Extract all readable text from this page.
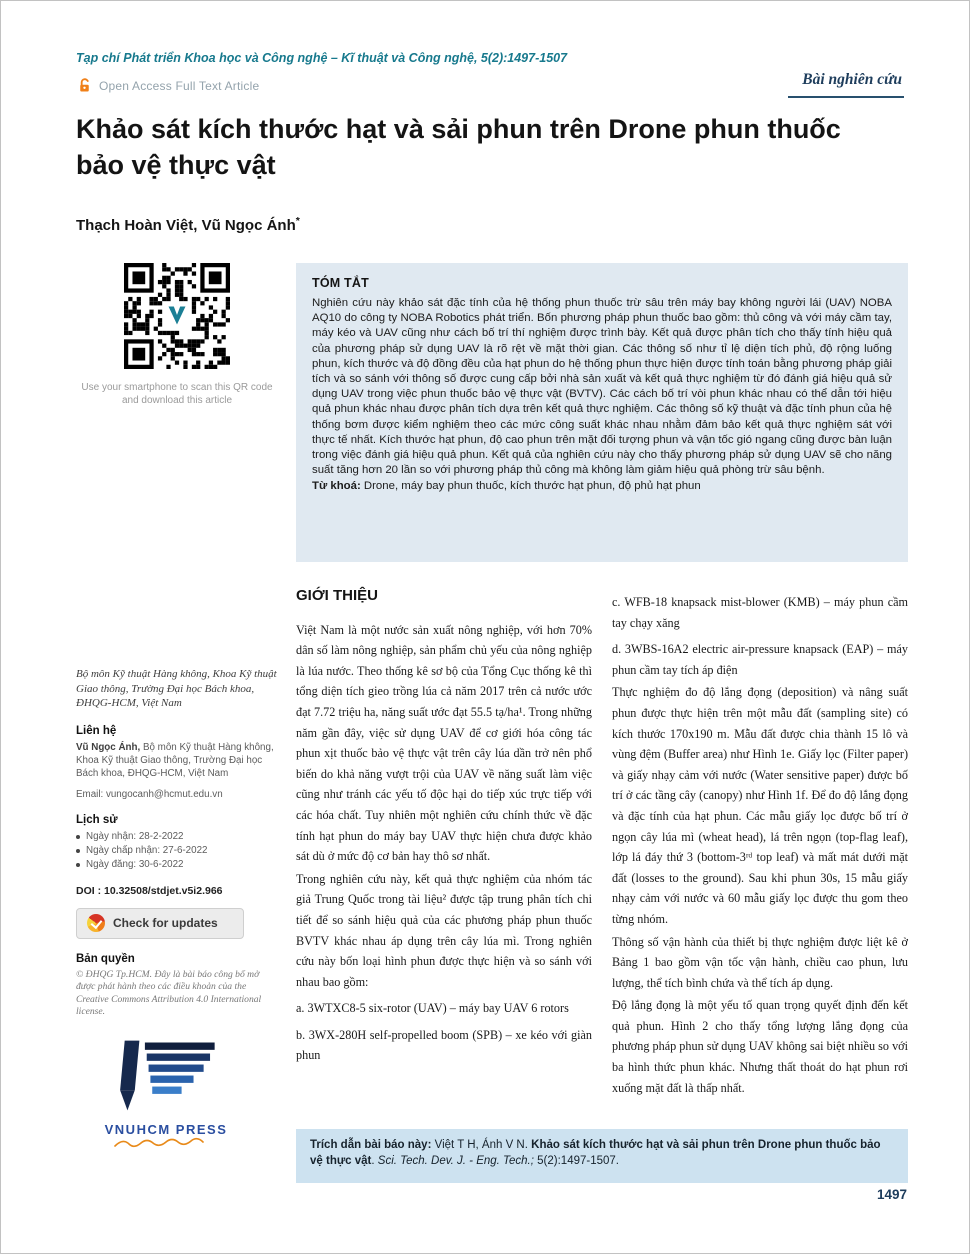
Tạp chí Phát triển Khoa học và Công nghệ – Kĩ thuật và Công nghệ, 5(2):1497-1507
Open Access Full Text Article	Bài nghiên cứu
Khảo sát kích thước hạt và sải phun trên Drone phun thuốc bảo vệ thực vật
Thạch Hoàn Việt, Vũ Ngọc Ánh*
Use your smartphone to scan this QR code and download this article
TÓM TẮT

Nghiên cứu này khảo sát đặc tính của hệ thống phun thuốc trừ sâu trên máy bay không người lái (UAV) NOBA AQ10 do công ty NOBA Robotics phát triển. Bốn phương pháp phun thuốc bao gồm: thủ công và với máy cầm tay, máy kéo và UAV cũng như cách bố trí thí nghiệm được trình bày. Kết quả được phân tích cho thấy tính hiệu quả của phương pháp sử dụng UAV là rõ rệt về mặt thời gian. Các thông số như tỉ lệ diện tích phủ, độ rộng luống phun, kích thước và độ đồng đều của hạt phun do hệ thống phun thực hiện được tính toán bằng phương pháp giải tích và so sánh với thông số được cung cấp bởi nhà sản xuất và kết quả thực nghiệm từ đó đánh giá hiệu quả sử dụng UAV trong việc phun thuốc bảo vệ thực vật (BVTV). Các cách bố trí vòi phun khác nhau có thể dẫn tới hiệu quả phun khác nhau được phân tích dựa trên kết quả thực nghiệm. Các thông số kỹ thuật và đặc tính phun của hệ thống bơm được kiểm nghiệm theo các mức công suất khác nhau nhằm đảm bảo kết quả thực nghiệm sát với thực tế nhất. Kích thước hạt phun, độ cao phun trên mặt đối tượng phun và vận tốc gió ngang cũng được bàn luận trong việc đánh giá hiệu quả phun. Kết quả của nghiên cứu này cho thấy phương pháp sử dụng UAV sẽ cho năng suất tăng hơn 20 lần so với phương pháp thủ công mà không làm giảm hiệu quả phòng trừ sâu bệnh.

Từ khoá: Drone, máy bay phun thuốc, kích thước hạt phun, độ phủ hạt phun

Bộ môn Kỹ thuật Hàng không, Khoa Kỹ thuật Giao thông, Trường Đại học Bách khoa, ĐHQG-HCM, Việt Nam
Liên hệ
Vũ Ngọc Ánh, Bộ môn Kỹ thuật Hàng không, Khoa Kỹ thuật Giao thông, Trường Đại học Bách khoa, ĐHQG-HCM, Việt Nam
Email: vungocanh@hcmut.edu.vn
Lịch sử
Ngày nhận: 28-2-2022
Ngày chấp nhận: 27-6-2022
Ngày đăng: 30-6-2022
DOI : 10.32508/stdjet.v5i2.966
Check for updates
Bản quyền
© ĐHQG Tp.HCM. Đây là bài báo công bố mở được phát hành theo các điều khoản của the Creative Commons Attribution 4.0 International license.
VNUHCM PRESS
GIỚI THIỆU

Việt Nam là một nước sản xuất nông nghiệp, với hơn 70% dân số làm nông nghiệp, sản phẩm chủ yếu của nông nghiệp là lúa nước. Theo thống kê sơ bộ của Tổng Cục thống kê thì tổng diện tích gieo trồng lúa cả năm 2017 trên cả nước ước đạt 7.72 triệu ha, năng suất ước đạt 55.5 tạ/ha¹. Trong những năm gần đây, việc sử dụng UAV để cơ giới hóa công tác phun xịt thuốc bảo vệ thực vật trên cây lúa dần trở nên phổ biến do khả năng vượt trội của UAV về năng suất làm việc cũng như tránh các yếu tố độc hại do tiếp xúc trực tiếp với các hóa chất. Tuy nhiên một nghiên cứu chính thức về đặc tính hạt phun do máy bay UAV thực hiện chưa được khảo sát dù ở mức độ cơ bản hay thô sơ nhất.

Trong nghiên cứu này, kết quả thực nghiệm của nhóm tác giả Trung Quốc trong tài liệu² được tập trung phân tích chi tiết để so sánh hiệu quả của các phương pháp phun thuốc BVTV khác nhau áp dụng trên cây lúa mì. Trong nghiên cứu này bốn loại hình phun được thực hiện và so sánh với nhau bao gồm:

a. 3WTXC8-5 six-rotor (UAV) – máy bay UAV 6 rotors

b. 3WX-280H self-propelled boom (SPB) – xe kéo với giàn phun

c. WFB-18 knapsack mist-blower (KMB) – máy phun cầm tay chạy xăng

d. 3WBS-16A2 electric air-pressure knapsack (EAP) – máy phun cầm tay tích áp điện

Thực nghiệm đo độ lắng đọng (deposition) và nâng suất phun được thực hiện trên một mẫu đất (sampling site) có kích thước 170x190 m. Mẫu đất được chia thành 15 lô và vùng đệm (Buffer area) như Hình 1e. Giấy lọc (Filter paper) và giấy nhạy cảm với nước (Water sensitive paper) được bố trí ở các tầng cây (canopy) như Hình 1f. Để đo độ lắng đọng và đặc tính của hạt phun. Các mẫu giấy lọc được bố trí ở ngọn cây lúa mì (wheat head), lá trên ngọn (top-flag leaf), lớp lá đáy thứ 3 (bottom-3ʳᵈ top leaf) và mất mát dưới mặt đất (losses to the ground). Sau khi phun 30s, 15 mẫu giấy nhạy cảm với nước và 60 mẫu giấy lọc được thu gom theo từng nhóm.

Thông số vận hành của thiết bị thực nghiệm được liệt kê ở Bảng 1 bao gồm vận tốc vận hành, chiều cao phun, lưu lượng, thể tích bình chứa và thể tích áp dụng.

Độ lắng đọng là một yếu tố quan trọng quyết định đến kết quả phun. Hình 2 cho thấy tổng lượng lắng đọng của phương pháp phun sử dụng UAV không sai biệt nhiều so với ba hình thức phun khác. Nhưng thất thoát do hạt phun rơi xuống mặt đất là thấp nhất.

Trích dẫn bài báo này: Việt T H, Ánh V N. Khảo sát kích thước hạt và sải phun trên Drone phun thuốc bảo vệ thực vật. Sci. Tech. Dev. J. - Eng. Tech.; 5(2):1497-1507.
1497
